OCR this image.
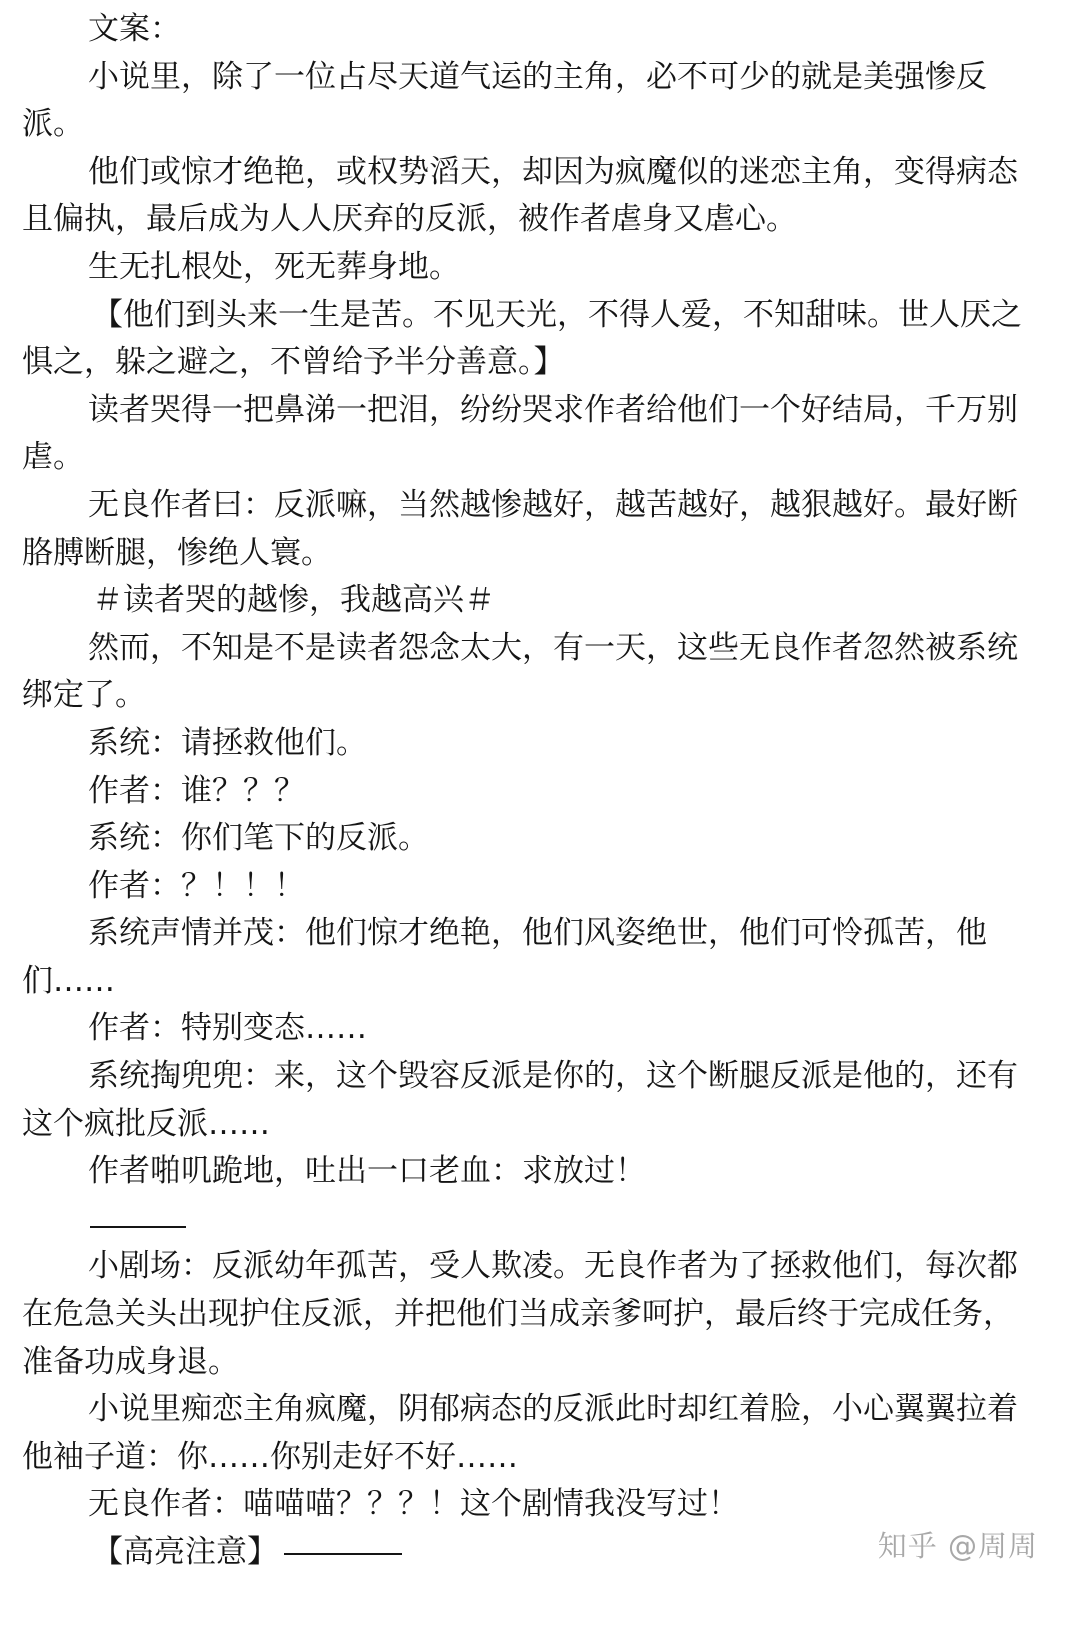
文案：

小说里，除了一位占尽天道气运的主角，必不可少的就是美强惨反派。

他们或惊才绝艳，或权势滔天，却因为疯魔似的迷恋主角，变得病态且偏执，最后成为人人厌弃的反派，被作者虐身又虐心。

生无扎根处，死无葬身地。

【他们到头来一生是苦。不见天光，不得人爱，不知甜味。世人厌之惧之，躲之避之，不曾给予半分善意。】

读者哭得一把鼻涕一把泪，纷纷哭求作者给他们一个好结局，千万别虐。

无良作者曰：反派嘛，当然越惨越好，越苦越好，越狠越好。最好断胳膊断腿，惨绝人寰。

＃读者哭的越惨，我越高兴＃

然而，不知是不是读者怨念太大，有一天，这些无良作者忽然被系统绑定了。

系统：请拯救他们。

作者：谁？？？

系统：你们笔下的反派。

作者：？！！！

系统声情并茂：他们惊才绝艳，他们风姿绝世，他们可怜孤苦，他们……

作者：特别变态……

系统掏兜兜：来，这个毁容反派是你的，这个断腿反派是他的，还有这个疯批反派……

作者啪叽跪地，吐出一口老血：求放过！

小剧场：反派幼年孤苦，受人欺凌。无良作者为了拯救他们，每次都在危急关头出现护住反派，并把他们当成亲爹呵护，最后终于完成任务，准备功成身退。

小说里痴恋主角疯魔，阴郁病态的反派此时却红着脸，小心翼翼拉着他袖子道：你……你别走好不好……

无良作者：喵喵喵？？？！这个剧情我没写过！

【高亮注意】	知乎 @周周
